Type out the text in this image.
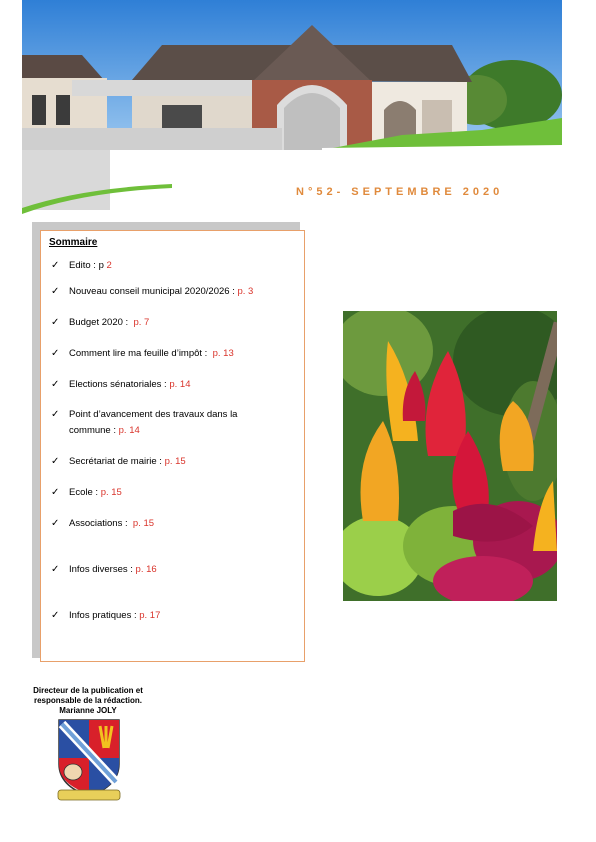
N°52- SEPTEMBRE 2020
Sommaire
✓ Edito : p 2
✓ Nouveau conseil municipal 2020/2026 : p. 3
✓ Budget 2020 : p. 7
✓ Comment lire ma feuille d’impôt : p. 13
✓ Elections sénatoriales : p. 14
✓ Point d’avancement des travaux dans la
commune : p. 14
✓ Secrétariat de mairie : p. 15
✓ Ecole : p. 15
✓ Associations : p. 15
✓ Infos diverses : p. 16
✓ Infos pratiques : p. 17
Directeur de la publication et
responsable de la rédaction.
Marianne JOLY
